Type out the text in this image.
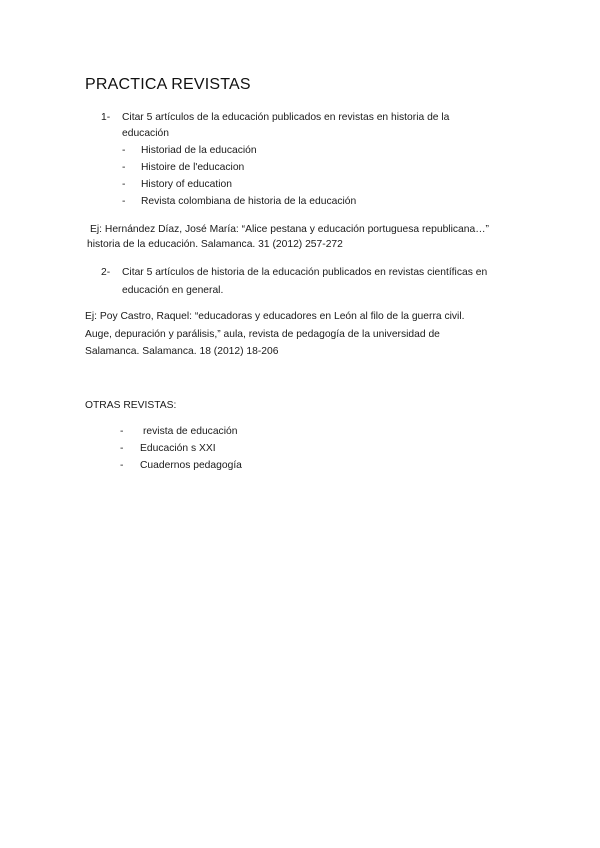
PRACTICA REVISTAS
1- Citar 5 artículos de la educación publicados en revistas en historia de la
educación
- Historiad de la educación
- Histoire de l'educacion
- History of education
- Revista colombiana de historia de la educación
Ej: Hernández Díaz, José María: “Alice pestana y educación portuguesa republicana…”
historia de la educación. Salamanca. 31 (2012) 257-272
2- Citar 5 artículos de historia de la educación publicados en revistas científicas en
educación en general.
Ej: Poy Castro, Raquel: “educadoras y educadores en León al filo de la guerra civil.
Auge, depuración y parálisis,” aula, revista de pedagogía de la universidad de
Salamanca. Salamanca. 18 (2012) 18-206
OTRAS REVISTAS:
- revista de educación
- Educación s XXI
- Cuadernos pedagogía
